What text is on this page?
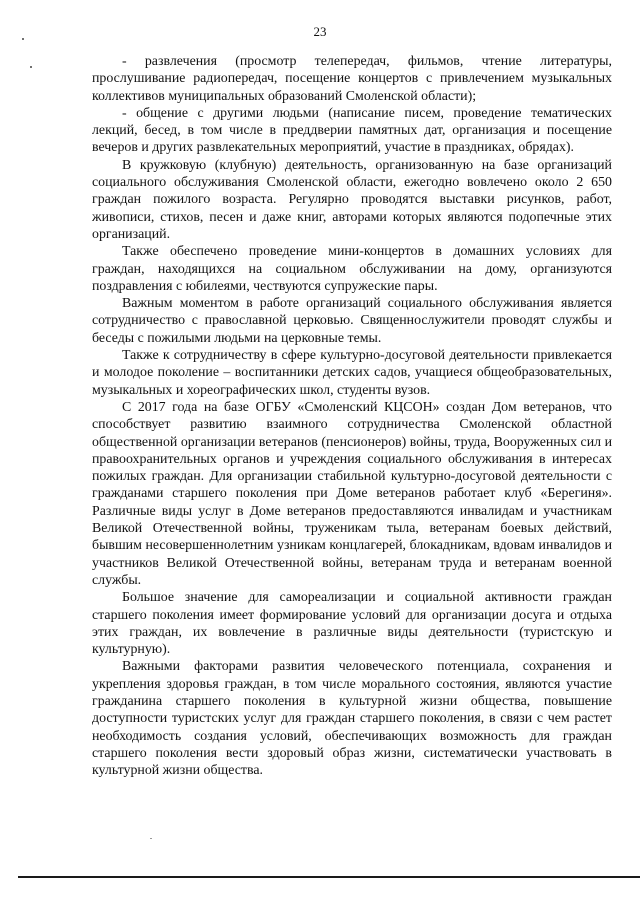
23

- развлечения (просмотр телепередач, фильмов, чтение литературы, прослушивание радиопередач, посещение концертов с привлечением музыкальных коллективов муниципальных образований Смоленской области);

- общение с другими людьми (написание писем, проведение тематических лекций, бесед, в том числе в преддверии памятных дат, организация и посещение вечеров и других развлекательных мероприятий, участие в праздниках, обрядах).

В кружковую (клубную) деятельность, организованную на базе организаций социального обслуживания Смоленской области, ежегодно вовлечено около 2 650 граждан пожилого возраста. Регулярно проводятся выставки рисунков, работ, живописи, стихов, песен и даже книг, авторами которых являются подопечные этих организаций.

Также обеспечено проведение мини-концертов в домашних условиях для граждан, находящихся на социальном обслуживании на дому, организуются поздравления с юбилеями, чествуются супружеские пары.

Важным моментом в работе организаций социального обслуживания является сотрудничество с православной церковью. Священнослужители проводят службы и беседы с пожилыми людьми на церковные темы.

Также к сотрудничеству в сфере культурно-досуговой деятельности привлекается и молодое поколение – воспитанники детских садов, учащиеся общеобразовательных, музыкальных и хореографических школ, студенты вузов.

С 2017 года на базе ОГБУ «Смоленский КЦСОН» создан Дом ветеранов, что способствует развитию взаимного сотрудничества Смоленской областной общественной организации ветеранов (пенсионеров) войны, труда, Вооруженных сил и правоохранительных органов и учреждения социального обслуживания в интересах пожилых граждан. Для организации стабильной культурно-досуговой деятельности с гражданами старшего поколения при Доме ветеранов работает клуб «Берегиня». Различные виды услуг в Доме ветеранов предоставляются инвалидам и участникам Великой Отечественной войны, труженикам тыла, ветеранам боевых действий, бывшим несовершеннолетним узникам концлагерей, блокадникам, вдовам инвалидов и участников Великой Отечественной войны, ветеранам труда и ветеранам военной службы.

Большое значение для самореализации и социальной активности граждан старшего поколения имеет формирование условий для организации досуга и отдыха этих граждан, их вовлечение в различные виды деятельности (туристскую и культурную).

Важными факторами развития человеческого потенциала, сохранения и укрепления здоровья граждан, в том числе морального состояния, являются участие гражданина старшего поколения в культурной жизни общества, повышение доступности туристских услуг для граждан старшего поколения, в связи с чем растет необходимость создания условий, обеспечивающих возможность для граждан старшего поколения вести здоровый образ жизни, систематически участвовать в культурной жизни общества.
